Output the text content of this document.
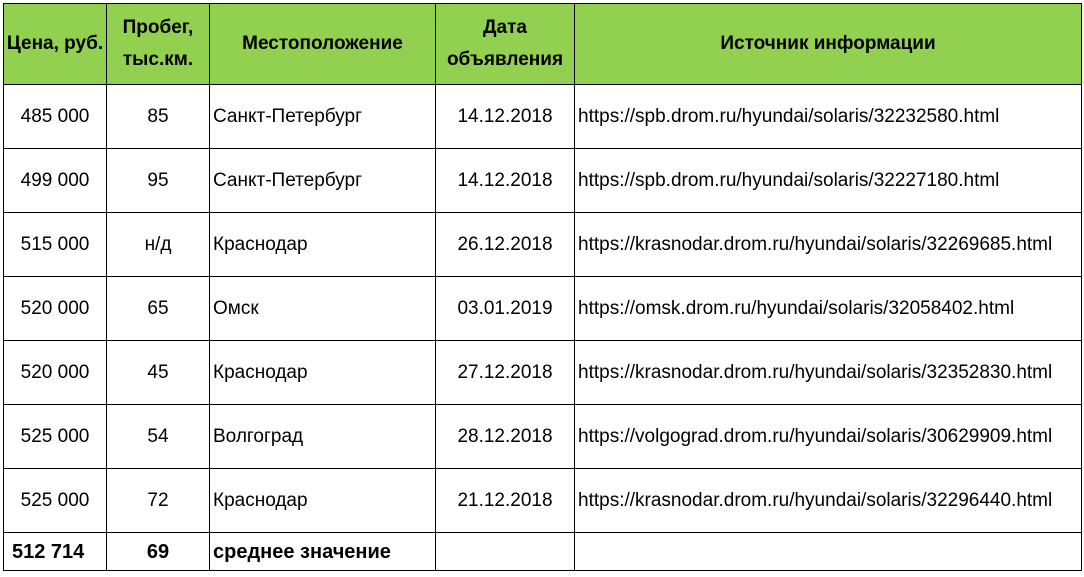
Цена, руб.	Пробег, тыс.км.	Местоположение	Дата объявления	Источник информации
485 000	85	Санкт-Петербург	14.12.2018	https://spb.drom.ru/hyundai/solaris/32232580.html
499 000	95	Санкт-Петербург	14.12.2018	https://spb.drom.ru/hyundai/solaris/32227180.html
515 000	н/д	Краснодар	26.12.2018	https://krasnodar.drom.ru/hyundai/solaris/32269685.html
520 000	65	Омск	03.01.2019	https://omsk.drom.ru/hyundai/solaris/32058402.html
520 000	45	Краснодар	27.12.2018	https://krasnodar.drom.ru/hyundai/solaris/32352830.html
525 000	54	Волгоград	28.12.2018	https://volgograd.drom.ru/hyundai/solaris/30629909.html
525 000	72	Краснодар	21.12.2018	https://krasnodar.drom.ru/hyundai/solaris/32296440.html
512 714	69	среднее значение		
